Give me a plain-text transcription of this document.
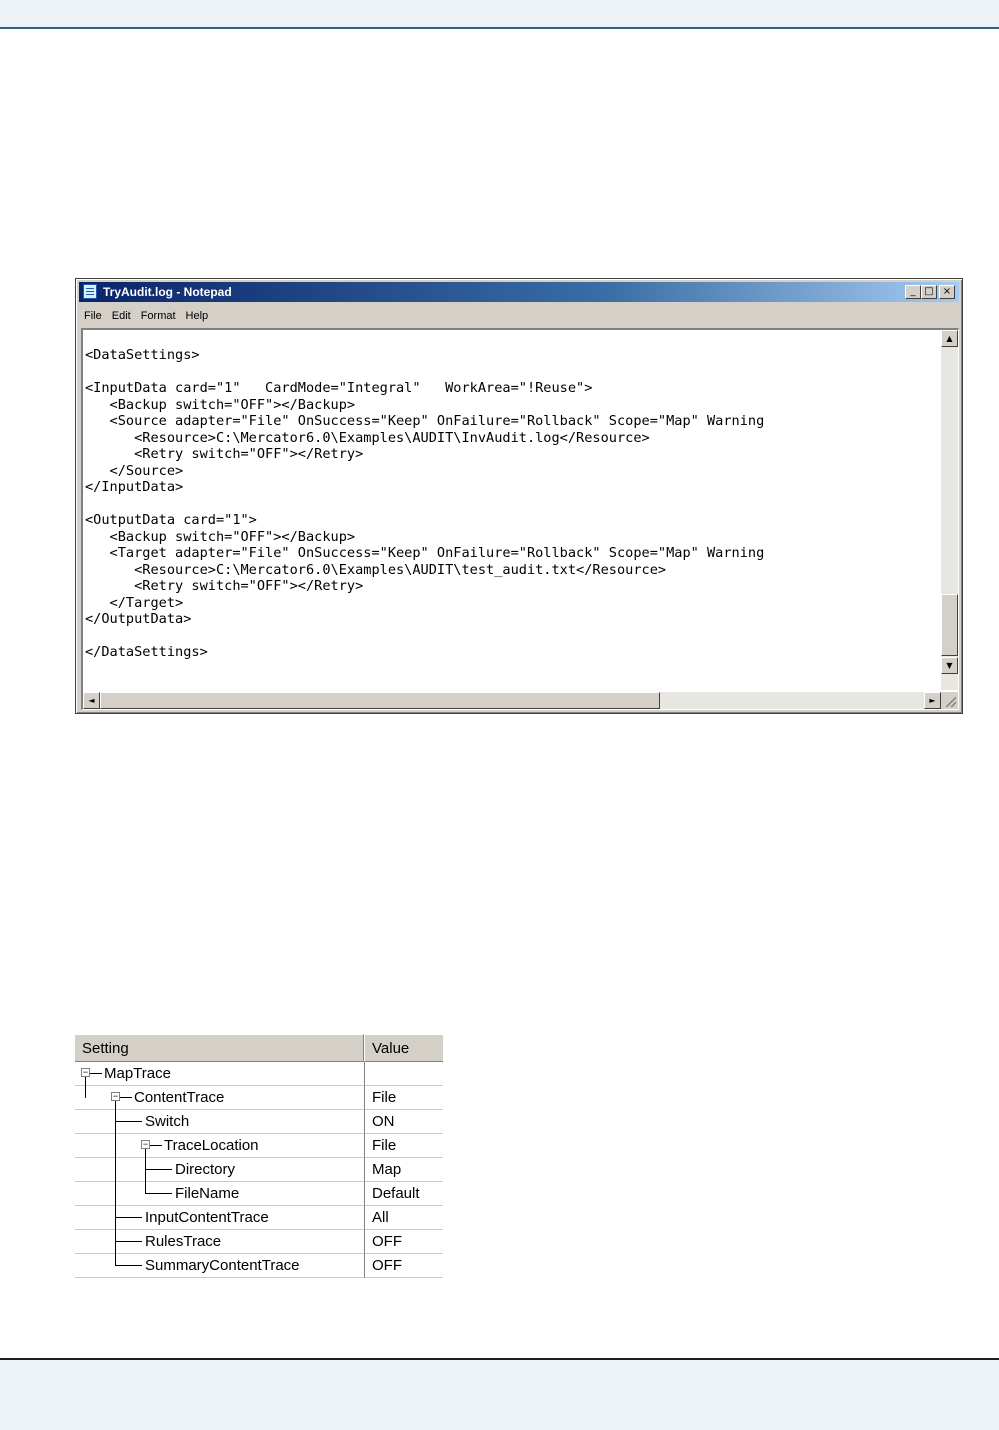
TryAudit.log - Notepad	_ □ ×
File Edit Format Help
<DataSettings>
<InputData card="1"   CardMode="Integral"   WorkArea="!Reuse">
<Backup switch="OFF"></Backup>
<Source adapter="File" OnSuccess="Keep" OnFailure="Rollback" Scope="Map" Warning
<Resource>C:\Mercator6.0\Examples\AUDIT\InvAudit.log</Resource>
<Retry switch="OFF"></Retry>
</Source>
</InputData>
<OutputData card="1">
<Backup switch="OFF"></Backup>
<Target adapter="File" OnSuccess="Keep" OnFailure="Rollback" Scope="Map" Warning
<Resource>C:\Mercator6.0\Examples\AUDIT\test_audit.txt</Resource>
<Retry switch="OFF"></Retry>
</Target>
</OutputData>
</DataSettings>
▲
▼
◄	►
Setting	Value
− MapTrace
− ContentTrace	File
Switch	ON
− TraceLocation	File
Directory	Map
FileName	Default
InputContentTrace	All
RulesTrace	OFF
SummaryContentTrace	OFF
